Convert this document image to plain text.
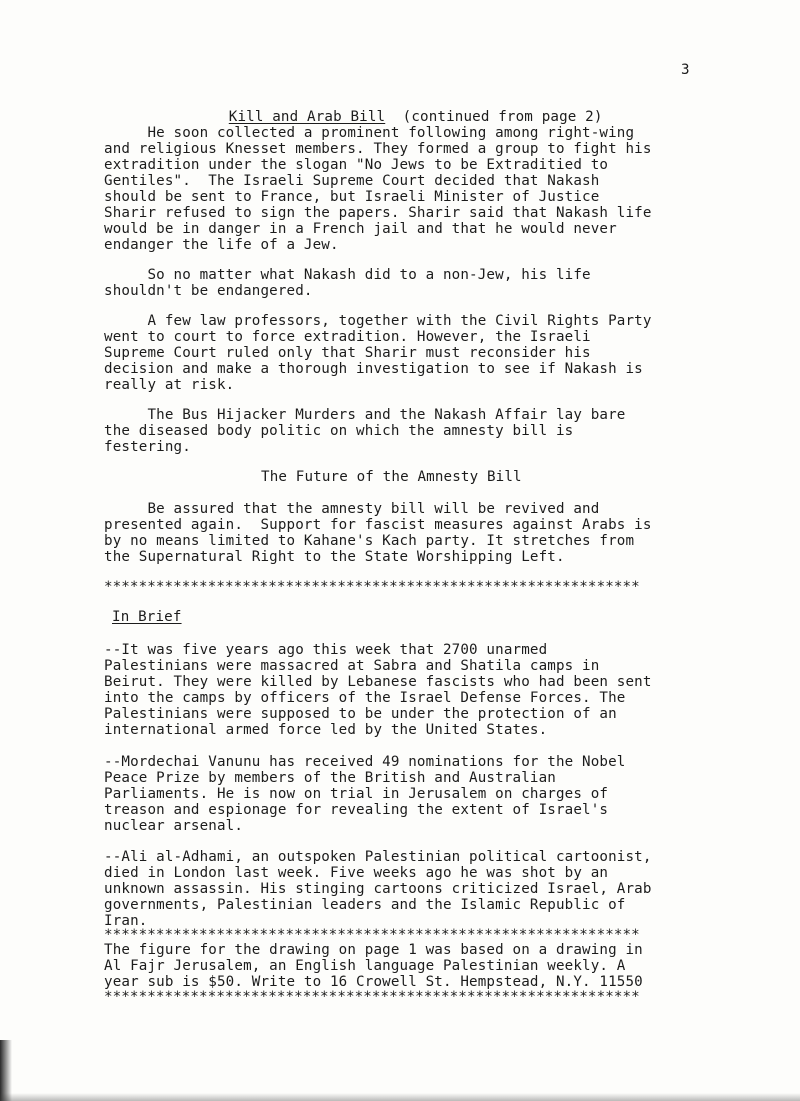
3

Kill and Arab Bill (continued from page 2)

He soon collected a prominent following among right-wing
and religious Knesset members. They formed a group to fight his
extradition under the slogan "No Jews to be Extraditied to
Gentiles".  The Israeli Supreme Court decided that Nakash
should be sent to France, but Israeli Minister of Justice
Sharir refused to sign the papers. Sharir said that Nakash life
would be in danger in a French jail and that he would never
endanger the life of a Jew.
So no matter what Nakash did to a non-Jew, his life
shouldn't be endangered.
A few law professors, together with the Civil Rights Party
went to court to force extradition. However, the Israeli
Supreme Court ruled only that Sharir must reconsider his
decision and make a thorough investigation to see if Nakash is
really at risk.
The Bus Hijacker Murders and the Nakash Affair lay bare
the diseased body politic on which the amnesty bill is
festering.
The Future of the Amnesty Bill
Be assured that the amnesty bill will be revived and
presented again.  Support for fascist measures against Arabs is
by no means limited to Kahane's Kach party. It stretches from
the Supernatural Right to the State Worshipping Left.
**************************************************************
In Brief
--It was five years ago this week that 2700 unarmed
Palestinians were massacred at Sabra and Shatila camps in
Beirut. They were killed by Lebanese fascists who had been sent
into the camps by officers of the Israel Defense Forces. The
Palestinians were supposed to be under the protection of an
international armed force led by the United States.
--Mordechai Vanunu has received 49 nominations for the Nobel
Peace Prize by members of the British and Australian
Parliaments. He is now on trial in Jerusalem on charges of
treason and espionage for revealing the extent of Israel's
nuclear arsenal.
--Ali al-Adhami, an outspoken Palestinian political cartoonist,
died in London last week. Five weeks ago he was shot by an
unknown assassin. His stinging cartoons criticized Israel, Arab
governments, Palestinian leaders and the Islamic Republic of
Iran.
**************************************************************
The figure for the drawing on page 1 was based on a drawing in
Al Fajr Jerusalem, an English language Palestinian weekly. A
year sub is $50. Write to 16 Crowell St. Hempstead, N.Y. 11550
**************************************************************
